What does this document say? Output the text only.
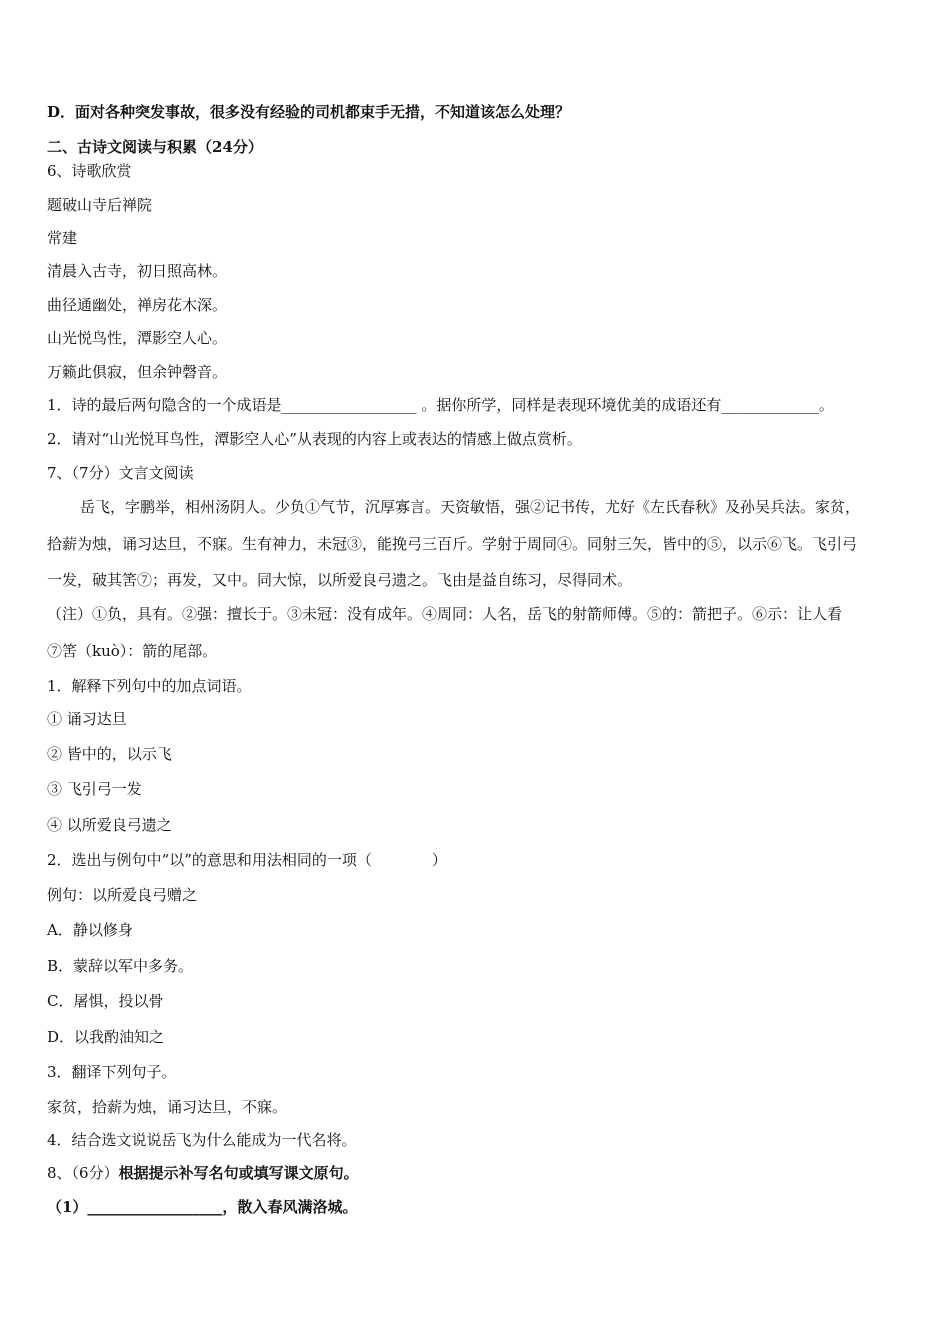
D．面对各种突发事故，很多没有经验的司机都束手无措，不知道该怎么处理？
二、古诗文阅读与积累（24分）
6、诗歌欣赏
题破山寺后禅院
常建
清晨入古寺，初日照高林。
曲径通幽处，禅房花木深。
山光悦鸟性，潭影空人心。
万籁此俱寂，但余钟磬音。
1．诗的最后两句隐含的一个成语是__________________ 。据你所学，同样是表现环境优美的成语还有_____________。
2．请对“山光悦耳鸟性，潭影空人心”从表现的内容上或表达的情感上做点赏析。
7、（7分）文言文阅读
岳飞，字鹏举，相州汤阴人。少负①气节，沉厚寡言。天资敏悟，强②记书传，尤好《左氏春秋》及孙吴兵法。家贫，
拾薪为烛，诵习达旦，不寐。生有神力，未冠③，能挽弓三百斤。学射于周同④。同射三矢，皆中的⑤，以示⑥飞。飞引弓
一发，破其筈⑦；再发，又中。同大惊，以所爱良弓遗之。飞由是益自练习，尽得同术。
（注）①负，具有。②强：擅长于。③未冠：没有成年。④周同：人名，岳飞的射箭师傅。⑤的：箭把子。⑥示：让人看
⑦筈（kuò）：箭的尾部。
1．解释下列句中的加点词语。
① 诵习达旦
② 皆中的，以示飞
③ 飞引弓一发
④ 以所爱良弓遗之
2．选出与例句中“以”的意思和用法相同的一项（　　　　）
例句：以所爱良弓赠之
A．静以修身
B．蒙辞以军中多务。
C．屠惧，投以骨
D．以我酌油知之
3．翻译下列句子。
家贫，拾薪为烛，诵习达旦，不寐。
4．结合选文说说岳飞为什么能成为一代名将。
8、（6分）根据提示补写名句或填写课文原句。
（1）__________________，散入春风满洛城。
